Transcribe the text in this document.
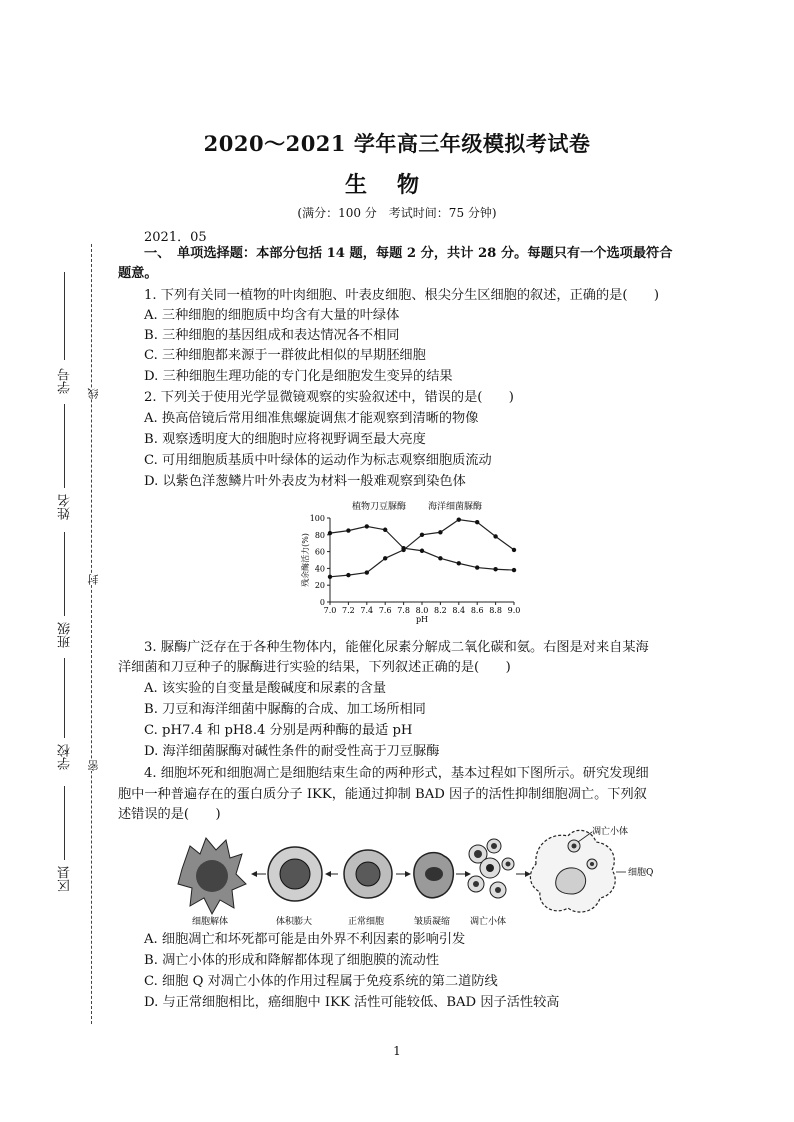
2020～2021 学年高三年级模拟考试卷
生物
(满分：100 分　考试时间：75 分钟)
2021．05
学号
姓名
班级
学校
区县
线
封
密
一、　单项选择题：本部分包括 14 题，每题 2 分，共计 28 分。每题只有一个选项最符合
题意。
1. 下列有关同一植物的叶肉细胞、叶表皮细胞、根尖分生区细胞的叙述，正确的是(　　)
A. 三种细胞的细胞质中均含有大量的叶绿体
B. 三种细胞的基因组成和表达情况各不相同
C. 三种细胞都来源于一群彼此相似的早期胚细胞
D. 三种细胞生理功能的专门化是细胞发生变异的结果
2. 下列关于使用光学显微镜观察的实验叙述中，错误的是(　　)
A. 换高倍镜后常用细准焦螺旋调焦才能观察到清晰的物像
B. 观察透明度大的细胞时应将视野调至最大亮度
C. 可用细胞质基质中叶绿体的运动作为标志观察细胞质流动
D. 以紫色洋葱鳞片叶外表皮为材料一般难观察到染色体
0
20
40
60
80
100
7.0 7.2 7.4 7.6 7.8 8.0 8.2 8.4 8.6 8.8 9.0
pH
残余酶活力(%)
植物刀豆脲酶 海洋细菌脲酶
3. 脲酶广泛存在于各种生物体内，能催化尿素分解成二氧化碳和氨。右图是对来自某海
洋细菌和刀豆种子的脲酶进行实验的结果，下列叙述正确的是(　　)
A. 该实验的自变量是酸碱度和尿素的含量
B. 刀豆和海洋细菌中脲酶的合成、加工场所相同
C. pH7.4 和 pH8.4 分别是两种酶的最适 pH
D. 海洋细菌脲酶对碱性条件的耐受性高于刀豆脲酶
4. 细胞坏死和细胞凋亡是细胞结束生命的两种形式，基本过程如下图所示。研究发现细
胞中一种普遍存在的蛋白质分子 IKK，能通过抑制 BAD 因子的活性抑制细胞凋亡。下列叙
述错误的是(　　)
凋亡小体
细胞Q
细胞解体	体积膨大	正常细胞	皱质凝缩 凋亡小体
A. 细胞凋亡和坏死都可能是由外界不利因素的影响引发
B. 凋亡小体的形成和降解都体现了细胞膜的流动性
C. 细胞 Q 对凋亡小体的作用过程属于免疫系统的第二道防线
D. 与正常细胞相比，癌细胞中 IKK 活性可能较低、BAD 因子活性较高
1
